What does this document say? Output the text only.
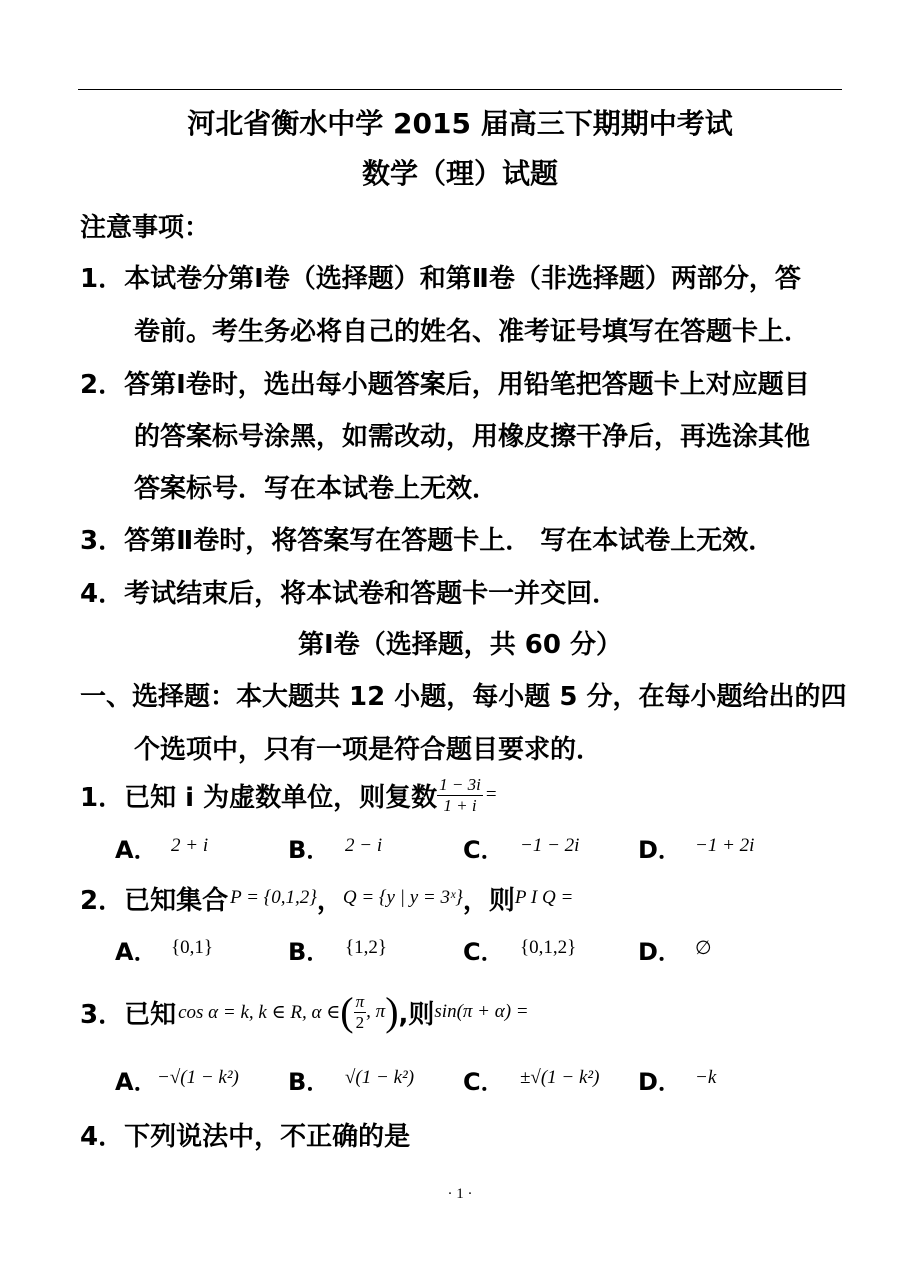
河北省衡水中学 2015 届高三下期期中考试
数学（理）试题
注意事项：
1．本试卷分第Ⅰ卷（选择题）和第Ⅱ卷（非选择题）两部分，答
卷前。考生务必将自己的姓名、准考证号填写在答题卡上．
2．答第Ⅰ卷时，选出每小题答案后，用铅笔把答题卡上对应题目
的答案标号涂黑，如需改动，用橡皮擦干净后，再选涂其他
答案标号．写在本试卷上无效．
3．答第Ⅱ卷时，将答案写在答题卡上． 写在本试卷上无效．
4．考试结束后，将本试卷和答题卡一并交回．
第Ⅰ卷（选择题，共 60 分）
一、选择题：本大题共 12 小题，每小题 5 分，在每小题给出的四
个选项中，只有一项是符合题目要求的．
1．已知 i 为虚数单位，则复数 $\frac{1 - 3i}{1 + i}$ =
A． 2 + i	B． 2 − i	C． −1 − 2i D． −1 + 2i
2．已知集合 P = {0,1,2} ， Q = {y | y = 3ˣ} ，则 P I Q =
A． {0,1}	B． {1,2}	C． {0,1,2}	D． ∅
3．已知 cos α = k, k ∈ R, α ∈ ( $\frac{\pi}{2}$ , π ) ,则 sin(π + α) =
A． −√(1 − k²) B． √(1 − k²) C． ±√(1 − k²) D． −k
4．下列说法中，不正确的是
· 1 ·
